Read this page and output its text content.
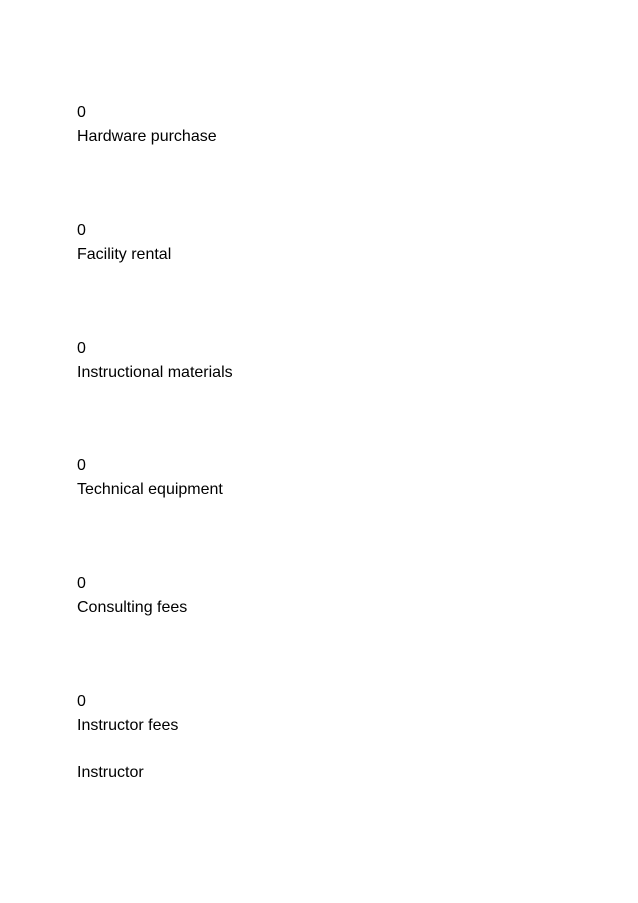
0
Hardware purchase
0
Facility rental
0
Instructional materials
0
Technical equipment
0
Consulting fees
0
Instructor fees
Instructor
